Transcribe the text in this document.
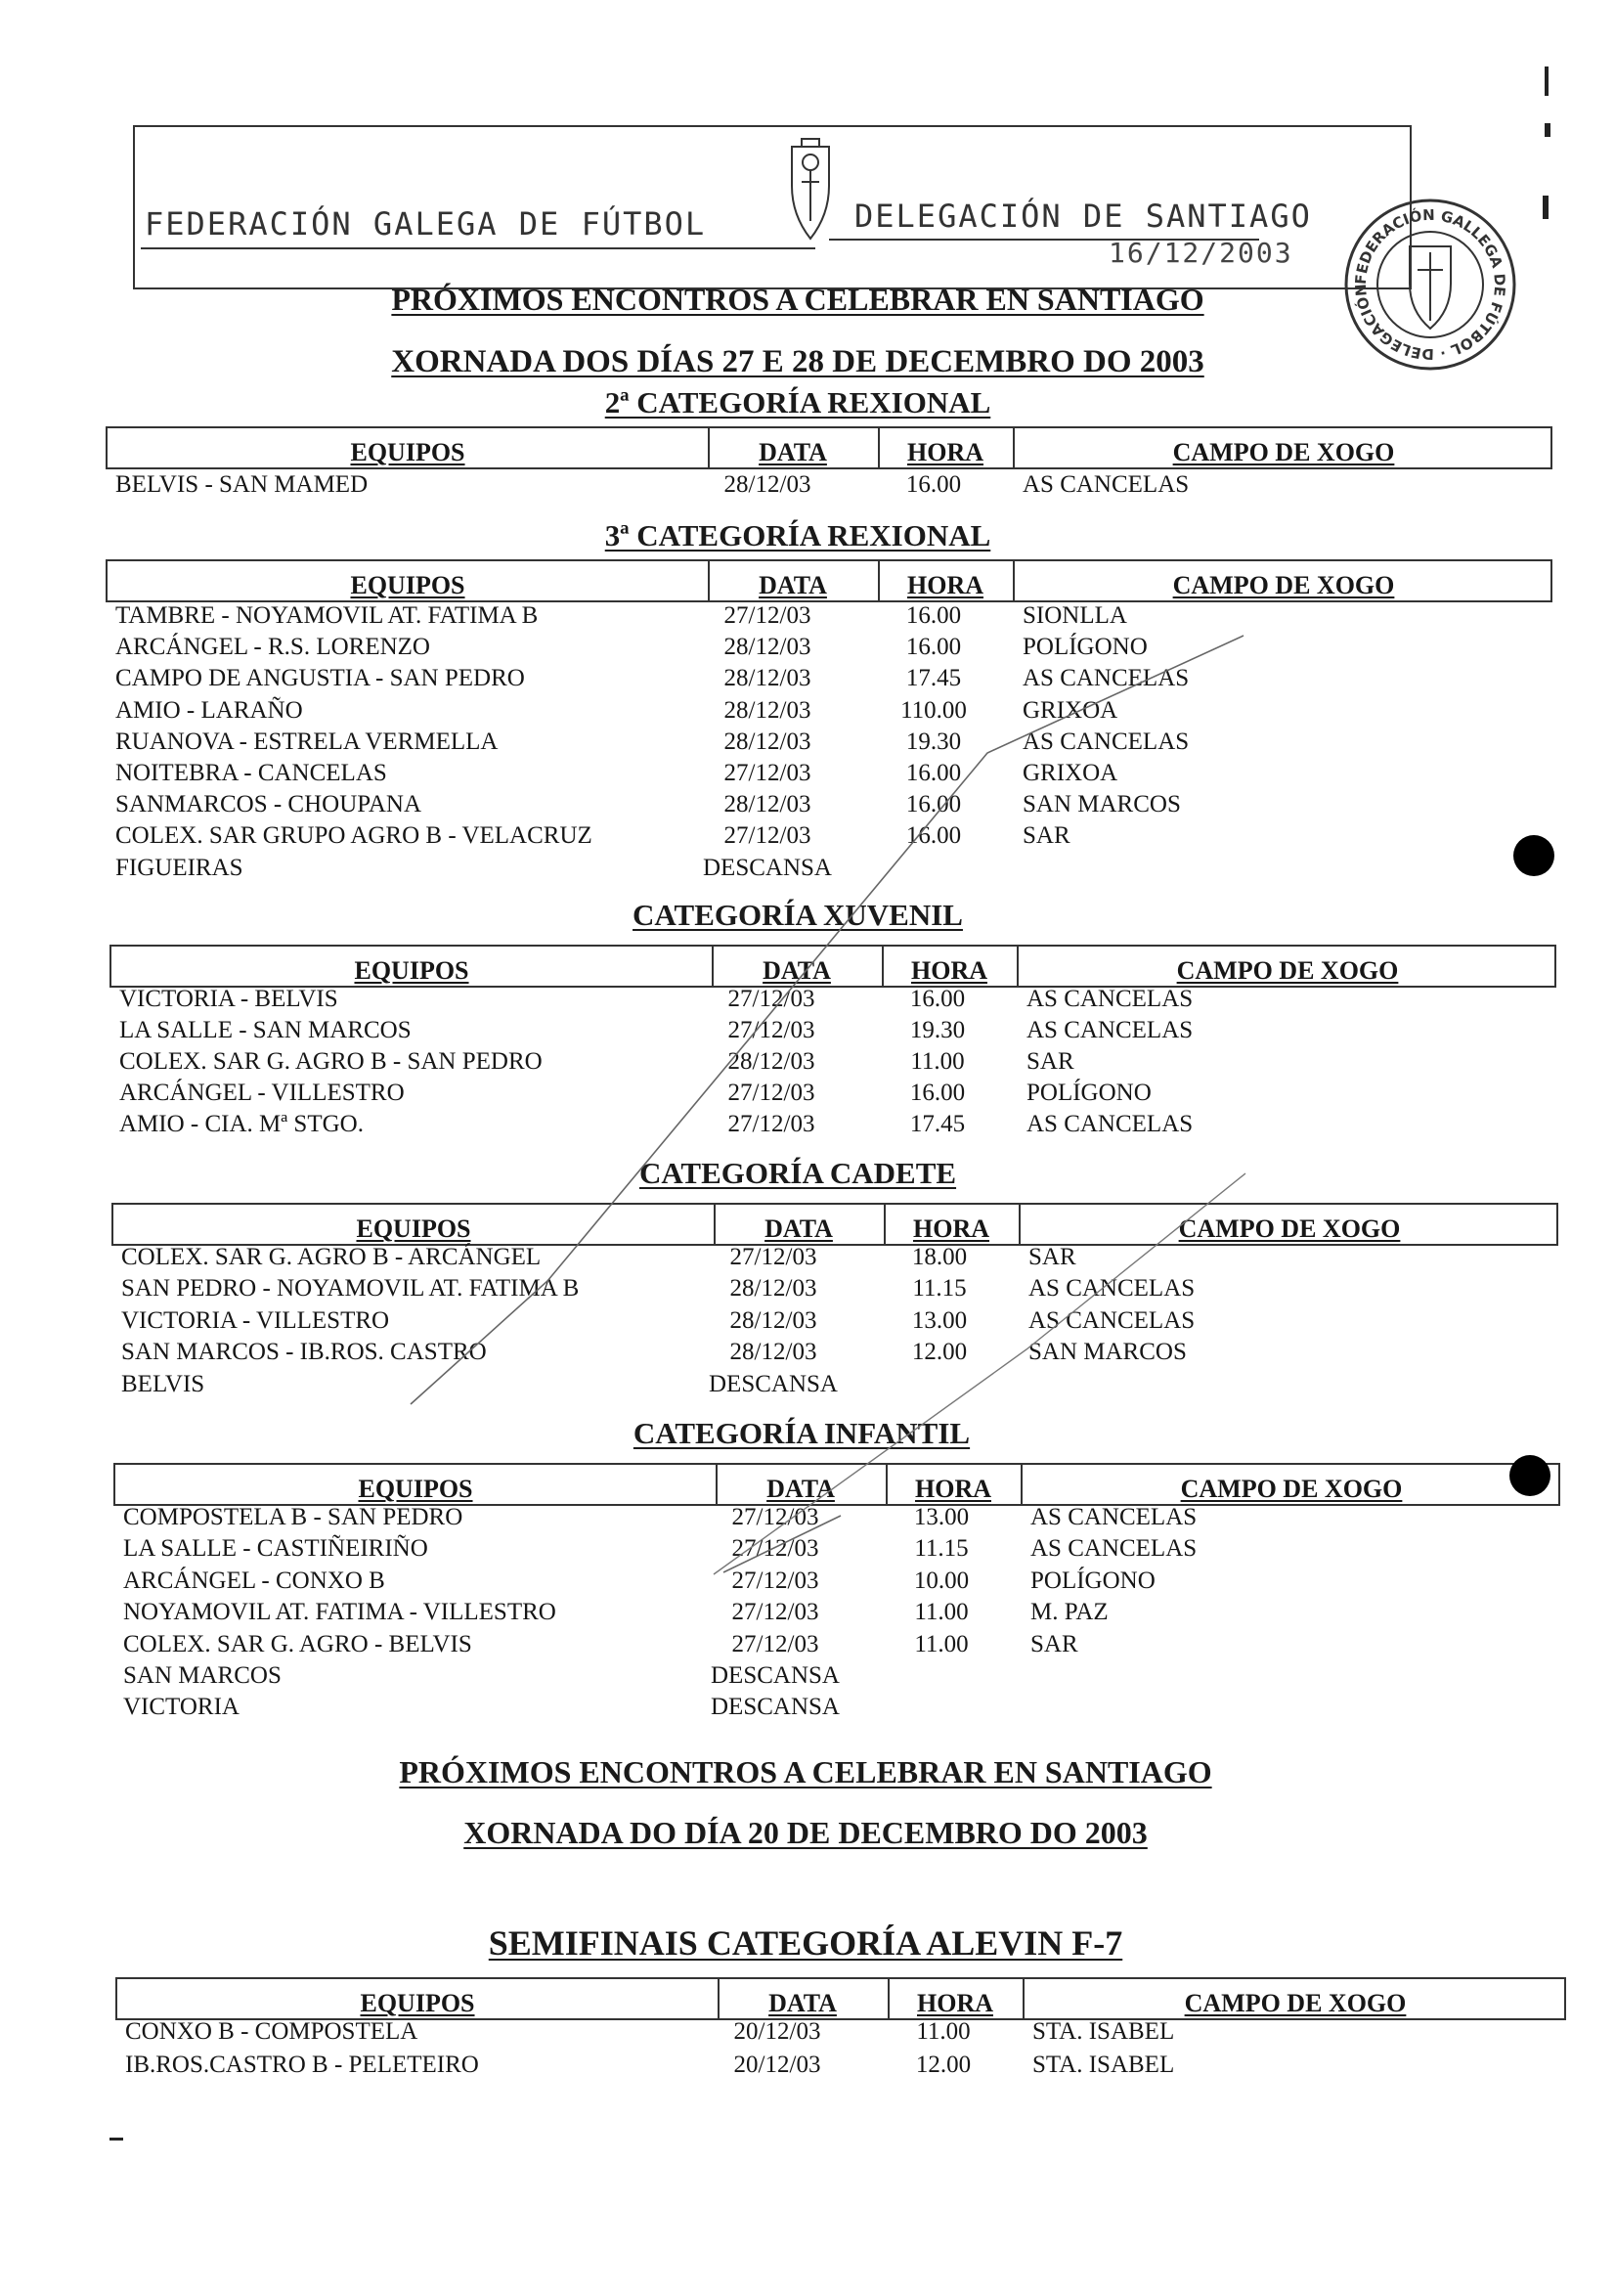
FEDERACIÓN GALEGA DE FÚTBOL	DELEGACIÓN DE SANTIAGO
16/12/2003
FEDERACIÓN GALLEGA DE FÚTBOL · DELEGACIÓN
PRÓXIMOS ENCONTROS A CELEBRAR EN SANTIAGO
XORNADA DOS DÍAS 27 E 28 DE DECEMBRO DO 2003
2ª CATEGORÍA REXIONAL
EQUIPOS	DATA	HORA	CAMPO DE XOGO
BELVIS - SAN MAMED	28/12/03	16.00	AS CANCELAS
3ª CATEGORÍA REXIONAL
EQUIPOS	DATA	HORA	CAMPO DE XOGO
TAMBRE - NOYAMOVIL AT. FATIMA B	27/12/03	16.00	SIONLLA
ARCÁNGEL - R.S. LORENZO	28/12/03	16.00	POLÍGONO
CAMPO DE ANGUSTIA - SAN PEDRO	28/12/03	17.45	AS CANCELAS
AMIO - LARAÑO	28/12/03	110.00	GRIXOA
RUANOVA - ESTRELA VERMELLA	28/12/03	19.30	AS CANCELAS
NOITEBRA - CANCELAS	27/12/03	16.00	GRIXOA
SANMARCOS - CHOUPANA	28/12/03	16.00	SAN MARCOS
COLEX. SAR GRUPO AGRO B - VELACRUZ	27/12/03	16.00	SAR
FIGUEIRAS	DESCANSA
CATEGORÍA XUVENIL
EQUIPOS	DATA	HORA	CAMPO DE XOGO
VICTORIA - BELVIS	27/12/03	16.00	AS CANCELAS
LA SALLE - SAN MARCOS	27/12/03	19.30	AS CANCELAS
COLEX. SAR G. AGRO B - SAN PEDRO	28/12/03	11.00	SAR
ARCÁNGEL - VILLESTRO	27/12/03	16.00	POLÍGONO
AMIO - CIA. Mª STGO.	27/12/03	17.45	AS CANCELAS
CATEGORÍA CADETE
EQUIPOS	DATA	HORA	CAMPO DE XOGO
COLEX. SAR G. AGRO B - ARCÁNGEL	27/12/03	18.00	SAR
SAN PEDRO - NOYAMOVIL AT. FATIMA B	28/12/03	11.15	AS CANCELAS
VICTORIA - VILLESTRO	28/12/03	13.00	AS CANCELAS
SAN MARCOS - IB.ROS. CASTRO	28/12/03	12.00	SAN MARCOS
BELVIS	DESCANSA
CATEGORÍA INFANTIL
EQUIPOS	DATA	HORA	CAMPO DE XOGO
COMPOSTELA B - SAN PEDRO	27/12/03	13.00	AS CANCELAS
LA SALLE - CASTIÑEIRIÑO	27/12/03	11.15	AS CANCELAS
ARCÁNGEL - CONXO B	27/12/03	10.00	POLÍGONO
NOYAMOVIL AT. FATIMA - VILLESTRO	27/12/03	11.00	M. PAZ
COLEX. SAR G. AGRO - BELVIS	27/12/03	11.00	SAR
SAN MARCOS	DESCANSA
VICTORIA	DESCANSA
EQUIPOS	DATA	HORA	CAMPO DE XOGO
CONXO B - COMPOSTELA	20/12/03	11.00	STA. ISABEL
IB.ROS.CASTRO B - PELETEIRO	20/12/03	12.00	STA. ISABEL
PRÓXIMOS ENCONTROS A CELEBRAR EN SANTIAGO
XORNADA DO DÍA 20 DE DECEMBRO DO 2003
SEMIFINAIS CATEGORÍA ALEVIN F-7
